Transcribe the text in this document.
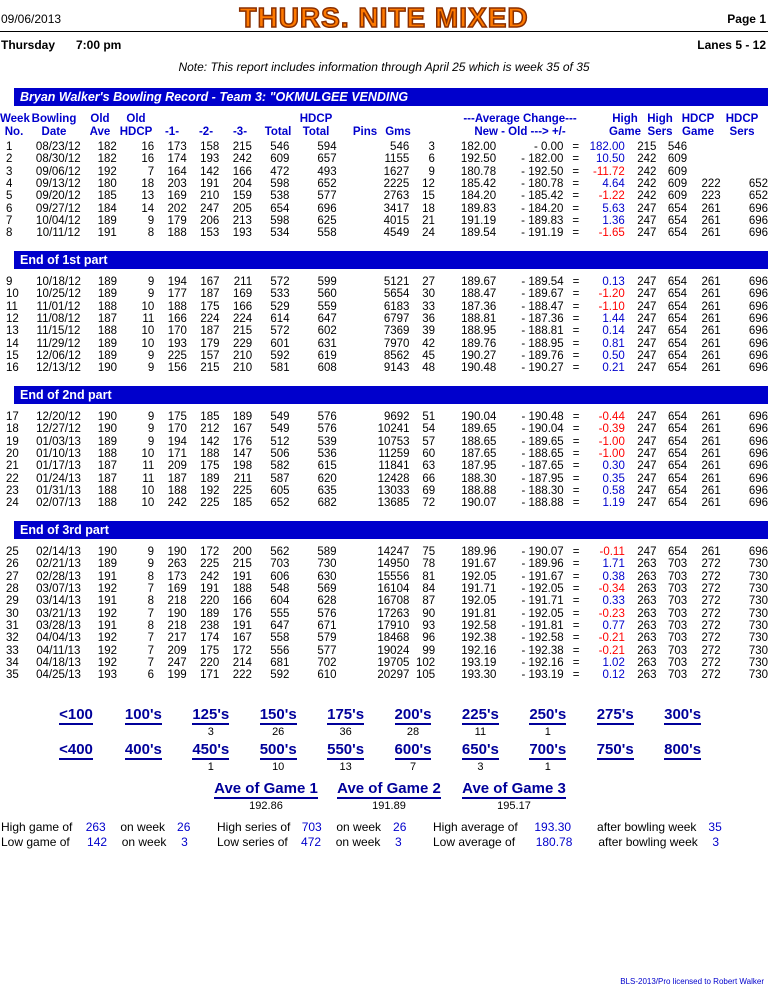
09/06/2013	THURS. NITE MIXED	Page 1
Thursday 7:00 pm	Lanes 5 - 12
Note: This report includes information through April 25 which is week 35 of 35
Bryan Walker's Bowling Record - Team 3: "OKMULGEE VENDING
Week
No.
Bowling
Date
Old
Ave
Old
HDCP	-1-	-2-	-3-	Total
HDCP
Total	Pins Gms
---Average Change---
New - Old ---> +/-
High
Game
High
Sers
HDCP
Game
HDCP
Sers
1	08/23/12	182	16	173	158	215	546	594	546	3	182.00	- 0.00	=	182.00	215	546		
2	08/30/12	182	16	174	193	242	609	657	1155	6	192.50	- 182.00	=	10.50	242	609		
3	09/06/12	192	7	164	142	166	472	493	1627	9	180.78	- 192.50	=	-11.72	242	609		
4	09/13/12	180	18	203	191	204	598	652	2225	12	185.42	- 180.78	=	4.64	242	609	222	652
5	09/20/12	185	13	169	210	159	538	577	2763	15	184.20	- 185.42	=	-1.22	242	609	223	652
6	09/27/12	184	14	202	247	205	654	696	3417	18	189.83	- 184.20	=	5.63	247	654	261	696
7	10/04/12	189	9	179	206	213	598	625	4015	21	191.19	- 189.83	=	1.36	247	654	261	696
8	10/11/12	191	8	188	153	193	534	558	4549	24	189.54	- 191.19	=	-1.65	247	654	261	696
End of 1st part
9	10/18/12	189	9	194	167	211	572	599	5121	27	189.67	- 189.54	=	0.13	247	654	261	696
10	10/25/12	189	9	177	187	169	533	560	5654	30	188.47	- 189.67	=	-1.20	247	654	261	696
11	11/01/12	188	10	188	175	166	529	559	6183	33	187.36	- 188.47	=	-1.10	247	654	261	696
12	11/08/12	187	11	166	224	224	614	647	6797	36	188.81	- 187.36	=	1.44	247	654	261	696
13	11/15/12	188	10	170	187	215	572	602	7369	39	188.95	- 188.81	=	0.14	247	654	261	696
14	11/29/12	189	10	193	179	229	601	631	7970	42	189.76	- 188.95	=	0.81	247	654	261	696
15	12/06/12	189	9	225	157	210	592	619	8562	45	190.27	- 189.76	=	0.50	247	654	261	696
16	12/13/12	190	9	156	215	210	581	608	9143	48	190.48	- 190.27	=	0.21	247	654	261	696
End of 2nd part
17	12/20/12	190	9	175	185	189	549	576	9692	51	190.04	- 190.48	=	-0.44	247	654	261	696
18	12/27/12	190	9	170	212	167	549	576	10241	54	189.65	- 190.04	=	-0.39	247	654	261	696
19	01/03/13	189	9	194	142	176	512	539	10753	57	188.65	- 189.65	=	-1.00	247	654	261	696
20	01/10/13	188	10	171	188	147	506	536	11259	60	187.65	- 188.65	=	-1.00	247	654	261	696
21	01/17/13	187	11	209	175	198	582	615	11841	63	187.95	- 187.65	=	0.30	247	654	261	696
22	01/24/13	187	11	187	189	211	587	620	12428	66	188.30	- 187.95	=	0.35	247	654	261	696
23	01/31/13	188	10	188	192	225	605	635	13033	69	188.88	- 188.30	=	0.58	247	654	261	696
24	02/07/13	188	10	242	225	185	652	682	13685	72	190.07	- 188.88	=	1.19	247	654	261	696
End of 3rd part
25	02/14/13	190	9	190	172	200	562	589	14247	75	189.96	- 190.07	=	-0.11	247	654	261	696
26	02/21/13	189	9	263	225	215	703	730	14950	78	191.67	- 189.96	=	1.71	263	703	272	730
27	02/28/13	191	8	173	242	191	606	630	15556	81	192.05	- 191.67	=	0.38	263	703	272	730
28	03/07/13	192	7	169	191	188	548	569	16104	84	191.71	- 192.05	=	-0.34	263	703	272	730
29	03/14/13	191	8	218	220	166	604	628	16708	87	192.05	- 191.71	=	0.33	263	703	272	730
30	03/21/13	192	7	190	189	176	555	576	17263	90	191.81	- 192.05	=	-0.23	263	703	272	730
31	03/28/13	191	8	218	238	191	647	671	17910	93	192.58	- 191.81	=	0.77	263	703	272	730
32	04/04/13	192	7	217	174	167	558	579	18468	96	192.38	- 192.58	=	-0.21	263	703	272	730
33	04/11/13	192	7	209	175	172	556	577	19024	99	192.16	- 192.38	=	-0.21	263	703	272	730
34	04/18/13	192	7	247	220	214	681	702	19705	102	193.19	- 192.16	=	1.02	263	703	272	730
35	04/25/13	193	6	199	171	222	592	610	20297	105	193.30	- 193.19	=	0.12	263	703	272	730
<100	100's	125's
3
150's
26
175's
36
200's
28
225's
11
250's
1
275's	300's
<400	400's	450's
1
500's
10
550's
13
600's
7
650's
3
700's
1
750's	800's
Ave of Game 1
192.86
Ave of Game 2
191.89
Ave of Game 3
195.17
High game of 263 on week 26
Low game of 142 on week 3
High series of 703 on week 26
Low series of 472 on week 3
High average of 193.30 after bowling week 35
Low average of 180.78 after bowling week 3
BLS-2013/Pro licensed to Robert Walker
